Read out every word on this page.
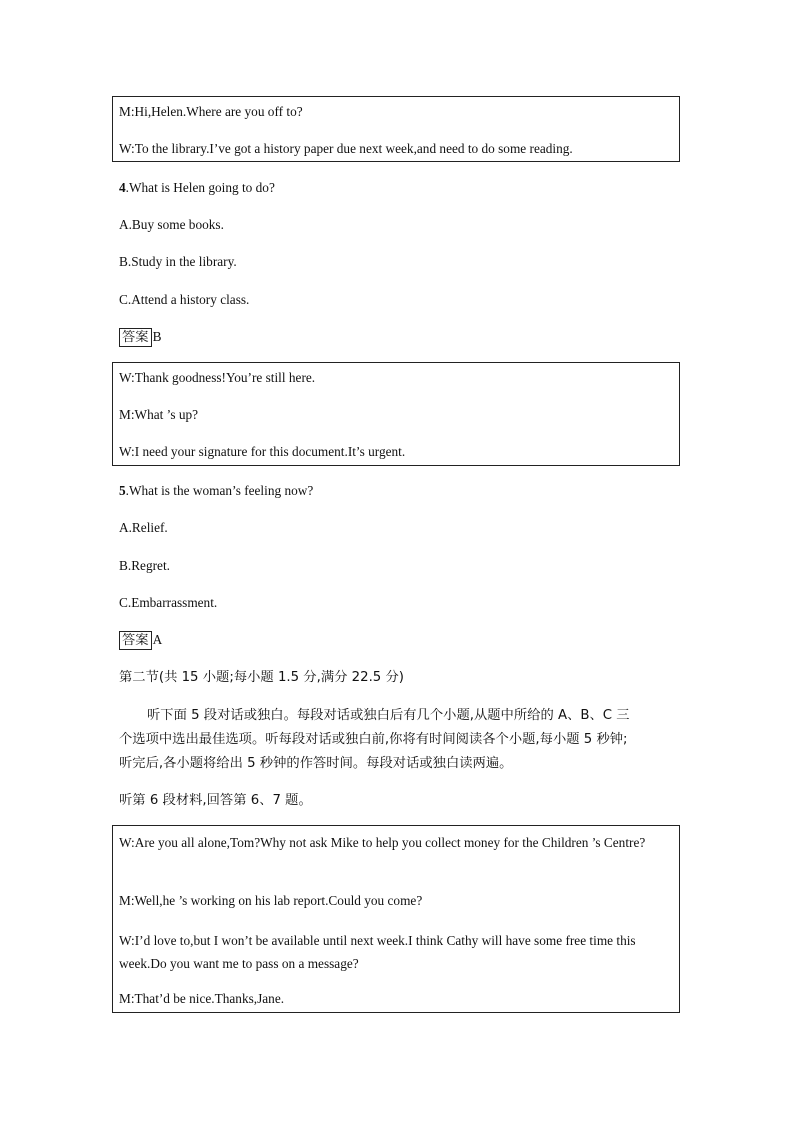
M:Hi,Helen.Where are you off to?
W:To the library.I’ve got a history paper due next week,and need to do some reading.
4.What is Helen going to do?
A.Buy some books.
B.Study in the library.
C.Attend a history class.
答案 B
W:Thank goodness!You’re still here.
M:What ’s up?
W:I need your signature for this document.It’s urgent.
5.What is the woman’s feeling now?
A.Relief.
B.Regret.
C.Embarrassment.
答案 A
第二节(共 15 小题;每小题 1.5 分,满分 22.5 分)
听下面 5 段对话或独白。每段对话或独白后有几个小题,从题中所给的 A、B、C 三个选项中选出最佳选项。听每段对话或独白前,你将有时间阅读各个小题,每小题 5 秒钟;听完后,各小题将给出 5 秒钟的作答时间。每段对话或独白读两遍。
听第 6 段材料,回答第 6、7 题。
W:Are you all alone,Tom?Why not ask Mike to help you collect money for the Children ’s Centre?
M:Well,he ’s working on his lab report.Could you come?
W:I’d love to,but I won’t be available until next week.I think Cathy will have some free time this week.Do you want me to pass on a message?
M:That’d be nice.Thanks,Jane.
